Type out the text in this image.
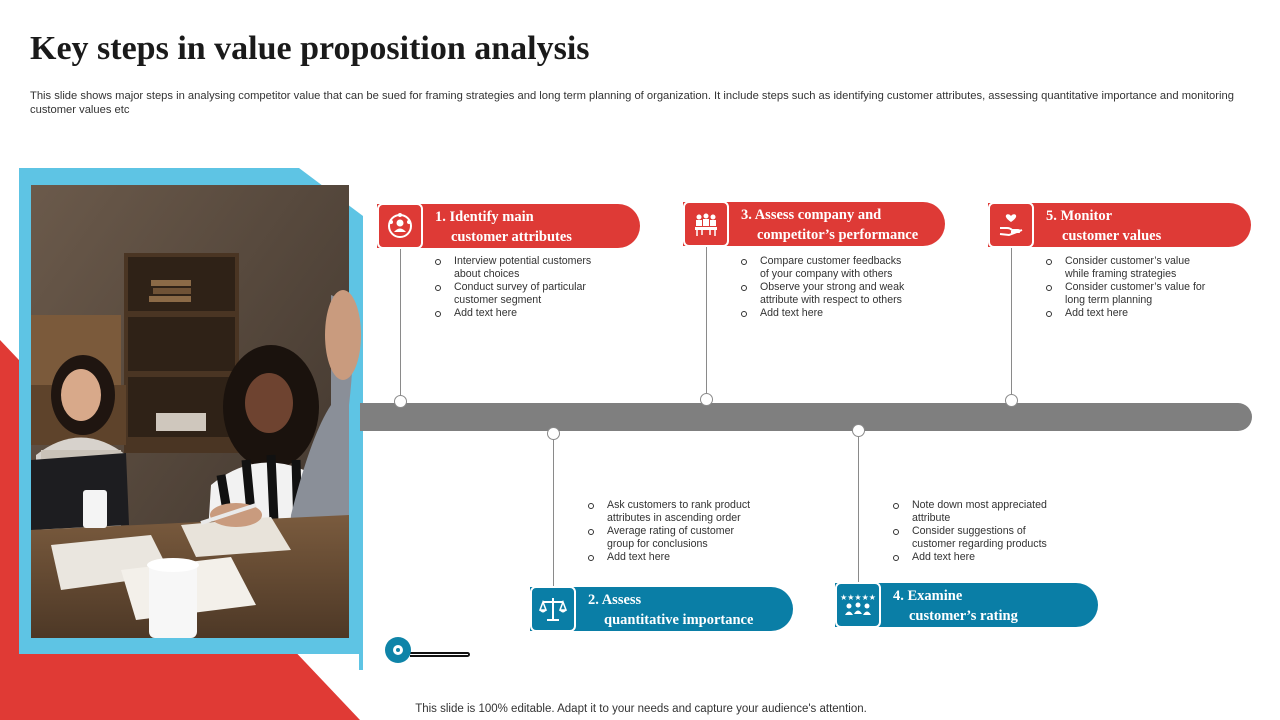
Key steps in value proposition analysis
This slide shows major steps in analysing competitor value that can be sued for framing strategies and long term planning of organization. It include steps such as identifying customer attributes, assessing quantitative importance and monitoring customer values etc
1. Identify main
customer attributes
Interview potential customers about choices
Conduct survey of particular customer segment
Add text here
3. Assess company and
competitor’s performance
Compare customer feedbacks of your company with others
Observe your strong and weak attribute with respect to others
Add text here
5. Monitor
customer values
Consider customer’s value while framing strategies
Consider customer’s value for long term planning
Add text here
Ask customers to rank product attributes in ascending order
Average rating of customer group for conclusions
Add text here
2. Assess
quantitative importance
Note down most appreciated attribute
Consider suggestions of customer regarding products
Add text here
★★★★★ 4. Examine
customer’s rating
This slide is 100% editable. Adapt it to your needs and capture your audience's attention.
